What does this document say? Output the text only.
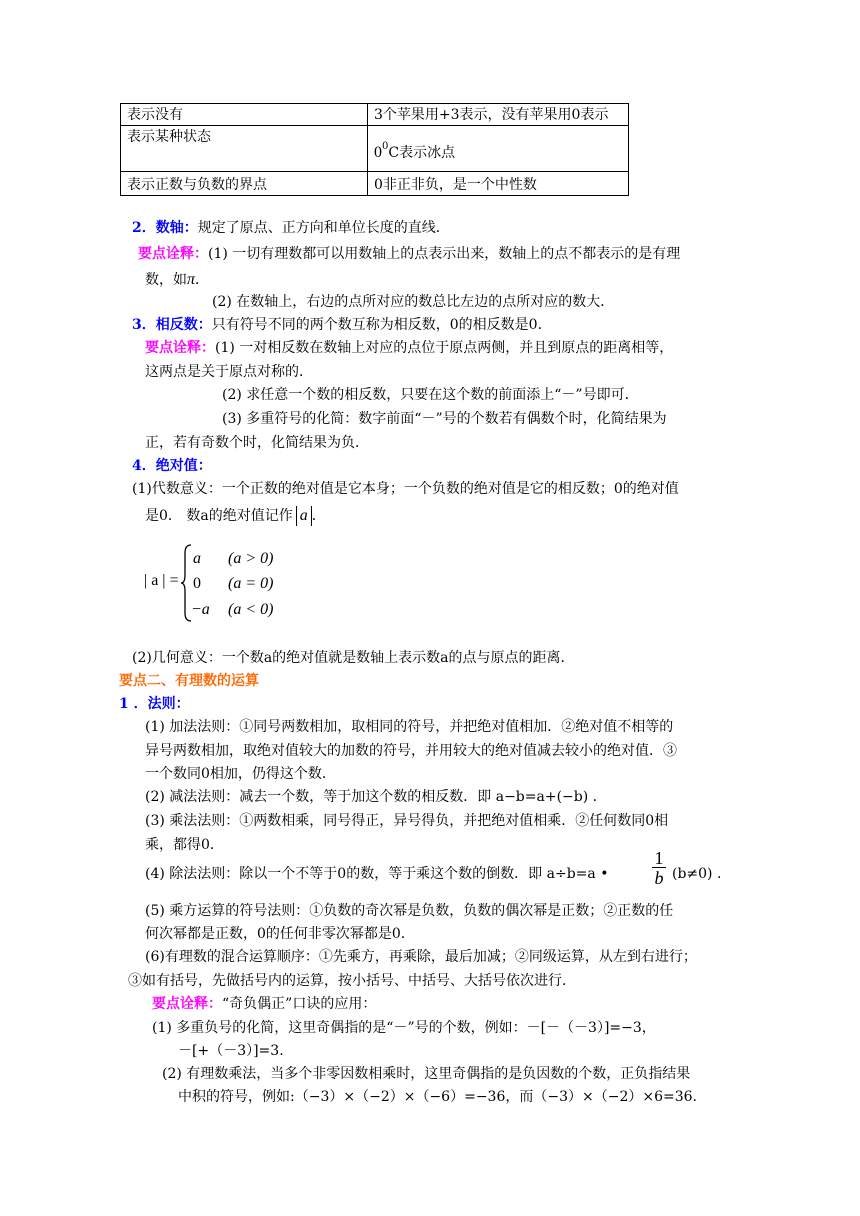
表示没有	3个苹果用+3表示，没有苹果用0表示
表示某种状态	$0^0C$表示冰点
表示正数与负数的界点	0非正非负，是一个中性数
2．数轴：规定了原点、正方向和单位长度的直线．
要点诠释：(1) 一切有理数都可以用数轴上的点表示出来，数轴上的点不都表示的是有理
数，如π．
(2) 在数轴上，右边的点所对应的数总比左边的点所对应的数大．
3．相反数：只有符号不同的两个数互称为相反数，0的相反数是0．
要点诠释：(1) 一对相反数在数轴上对应的点位于原点两侧，并且到原点的距离相等，
这两点是关于原点对称的．
(2) 求任意一个数的相反数，只要在这个数的前面添上“－”号即可．
(3) 多重符号的化简：数字前面“－”号的个数若有偶数个时，化简结果为
正，若有奇数个时，化简结果为负．
4．绝对值：
(1)代数意义：一个正数的绝对值是它本身；一个负数的绝对值是它的相反数；0的绝对值
是0． 数a的绝对值记作 a ．
| a | =
a (a > 0)
0 (a = 0)
−a (a < 0)
(2)几何意义：一个数a的绝对值就是数轴上表示数a的点与原点的距离．
要点二、有理数的运算
1 ．法则：
(1) 加法法则：①同号两数相加，取相同的符号，并把绝对值相加．②绝对值不相等的
异号两数相加，取绝对值较大的加数的符号，并用较大的绝对值减去较小的绝对值．③
一个数同0相加，仍得这个数．
(2) 减法法则：减去一个数，等于加这个数的相反数．即 a−b=a+(−b) ．
(3) 乘法法则：①两数相乘，同号得正，异号得负，并把绝对值相乘．②任何数同0相
乘，都得0．
(4) 除法法则：除以一个不等于0的数，等于乘这个数的倒数．即 a÷b=a •
1
b (b≠0) ．
(5) 乘方运算的符号法则：①负数的奇次幂是负数，负数的偶次幂是正数；②正数的任
何次幂都是正数，0的任何非零次幂都是0．
(6)有理数的混合运算顺序：①先乘方，再乘除，最后加减；②同级运算，从左到右进行；
③如有括号，先做括号内的运算，按小括号、中括号、大括号依次进行．
要点诠释：“奇负偶正”口诀的应用：
(1) 多重负号的化简，这里奇偶指的是“－”号的个数，例如：－[－（－3）]=−3，
－[+（－3）]=3.
(2) 有理数乘法，当多个非零因数相乘时，这里奇偶指的是负因数的个数，正负指结果
中积的符号，例如:（−3）×（−2）×（−6）=−36，而（−3）×（−2）×6=36.
